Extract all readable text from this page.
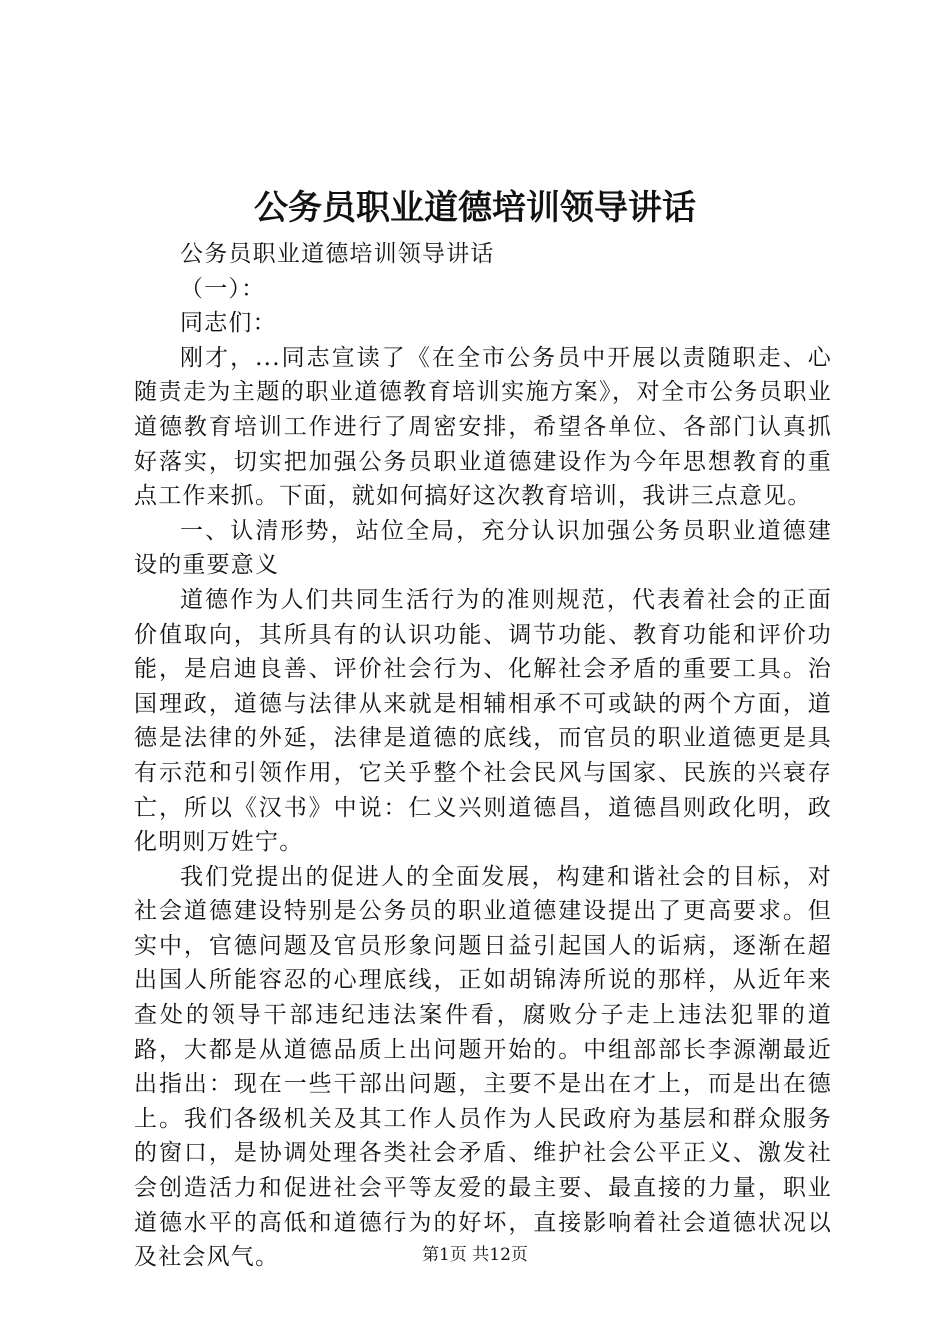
公务员职业道德培训领导讲话

公务员职业道德培训领导讲话

（一）：

同志们：

刚才，...同志宣读了《在全市公务员中开展以责随职走、心随责走为主题的职业道德教育培训实施方案》，对全市公务员职业道德教育培训工作进行了周密安排，希望各单位、各部门认真抓好落实，切实把加强公务员职业道德建设作为今年思想教育的重点工作来抓。下面，就如何搞好这次教育培训，我讲三点意见。

一、认清形势，站位全局，充分认识加强公务员职业道德建设的重要意义

道德作为人们共同生活行为的准则规范，代表着社会的正面价值取向，其所具有的认识功能、调节功能、教育功能和评价功能，是启迪良善、评价社会行为、化解社会矛盾的重要工具。治国理政，道德与法律从来就是相辅相承不可或缺的两个方面，道德是法律的外延，法律是道德的底线，而官员的职业道德更是具有示范和引领作用，它关乎整个社会民风与国家、民族的兴衰存亡，所以《汉书》中说：仁义兴则道德昌，道德昌则政化明，政化明则万姓宁。

我们党提出的促进人的全面发展，构建和谐社会的目标，对社会道德建设特别是公务员的职业道德建设提出了更高要求。但实中，官德问题及官员形象问题日益引起国人的诟病，逐渐在超出国人所能容忍的心理底线，正如胡锦涛所说的那样，从近年来查处的领导干部违纪违法案件看，腐败分子走上违法犯罪的道路，大都是从道德品质上出问题开始的。中组部部长李源潮最近出指出：现在一些干部出问题，主要不是出在才上，而是出在德上。我们各级机关及其工作人员作为人民政府为基层和群众服务的窗口，是协调处理各类社会矛盾、维护社会公平正义、激发社会创造活力和促进社会平等友爱的最主要、最直接的力量，职业道德水平的高低和道德行为的好坏，直接影响着社会道德状况以及社会风气。	第1页 共12页
